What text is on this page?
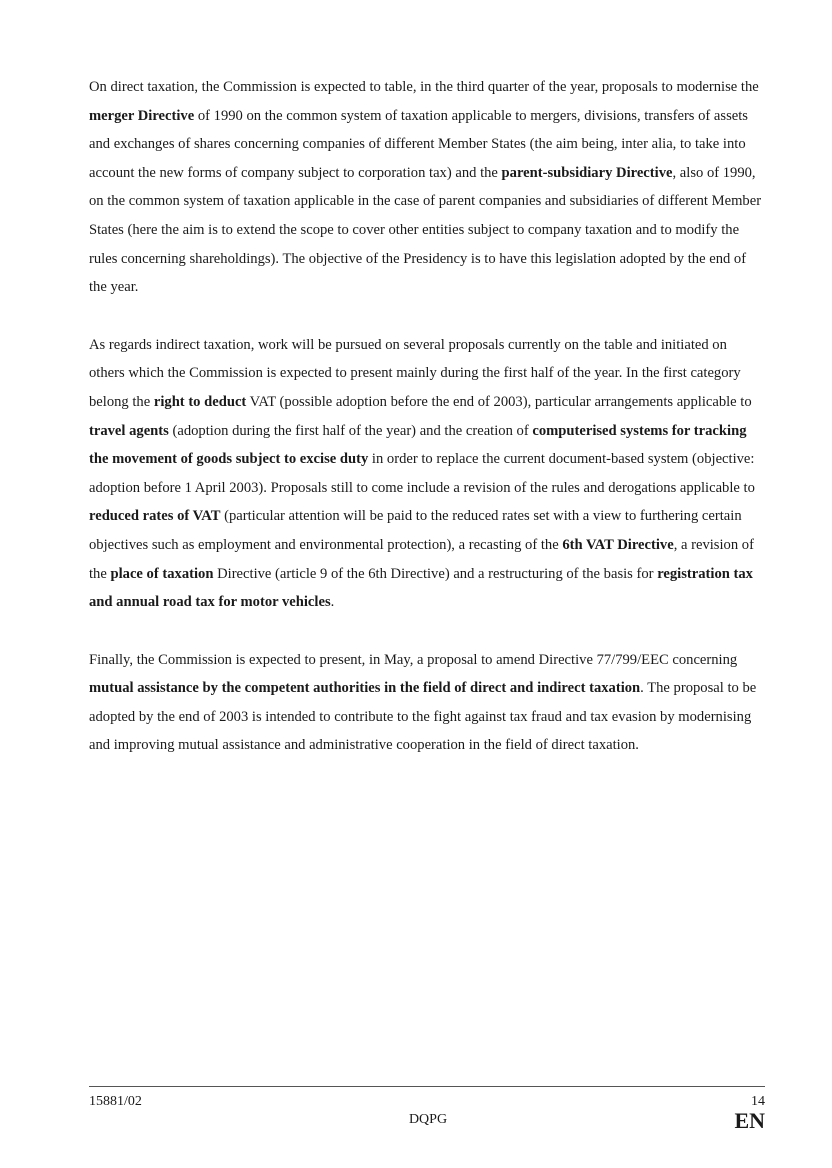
On direct taxation, the Commission is expected to table, in the third quarter of the year, proposals to modernise the merger Directive of 1990 on the common system of taxation applicable to mergers, divisions, transfers of assets and exchanges of shares concerning companies of different Member States (the aim being, inter alia, to take into account the new forms of company subject to corporation tax) and the parent-subsidiary Directive, also of 1990, on the common system of taxation applicable in the case of parent companies and subsidiaries of different Member States (here the aim is to extend the scope to cover other entities subject to company taxation and to modify the rules concerning shareholdings). The objective of the Presidency is to have this legislation adopted by the end of the year.

As regards indirect taxation, work will be pursued on several proposals currently on the table and initiated on others which the Commission is expected to present mainly during the first half of the year. In the first category belong the right to deduct VAT (possible adoption before the end of 2003), particular arrangements applicable to travel agents (adoption during the first half of the year) and the creation of computerised systems for tracking the movement of goods subject to excise duty in order to replace the current document-based system (objective: adoption before 1 April 2003). Proposals still to come include a revision of the rules and derogations applicable to reduced rates of VAT (particular attention will be paid to the reduced rates set with a view to furthering certain objectives such as employment and environmental protection), a recasting of the 6th VAT Directive, a revision of the place of taxation Directive (article 9 of the 6th Directive) and a restructuring of the basis for registration tax and annual road tax for motor vehicles.

Finally, the Commission is expected to present, in May, a proposal to amend Directive 77/799/EEC concerning mutual assistance by the competent authorities in the field of direct and indirect taxation. The proposal to be adopted by the end of 2003 is intended to contribute to the fight against tax fraud and tax evasion by modernising and improving mutual assistance and administrative cooperation in the field of direct taxation.

15881/02	14
DQPG	EN
